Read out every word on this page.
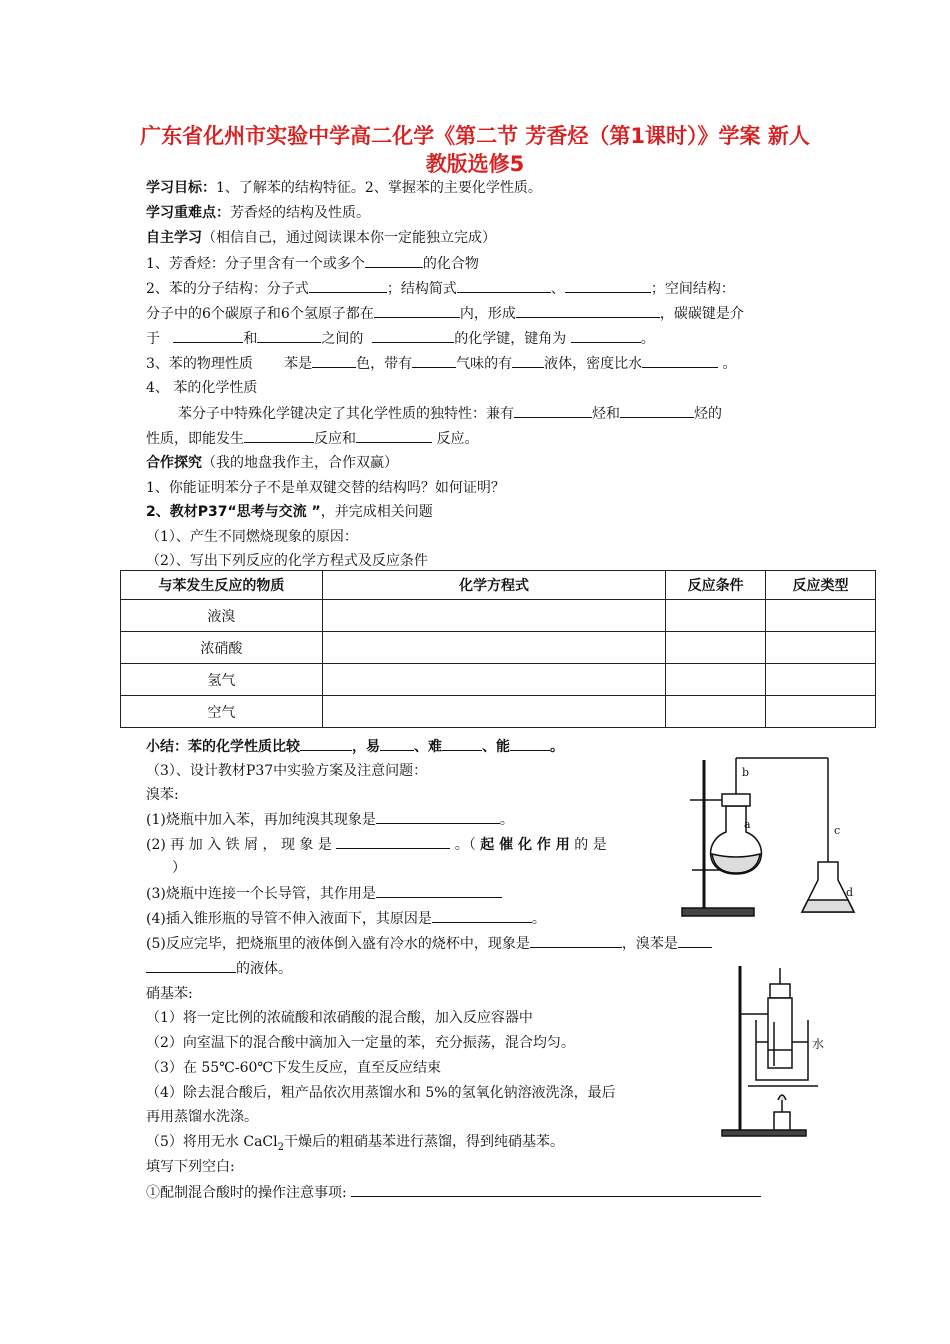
广东省化州市实验中学高二化学《第二节 芳香烃（第1课时）》学案 新人教版选修5
学习目标：1、了解苯的结构特征。2、掌握苯的主要化学性质。
学习重难点：芳香烃的结构及性质。
自主学习（相信自己，通过阅读课本你一定能独立完成）
1、芳香烃：分子里含有一个或多个	的化合物
2、苯的分子结构：分子式	；结构简式	、	；空间结构：
分子中的6个碳原子和6个氢原子都在	内，形成	，碳碳键是介
于	和	之间的	的化学键，键角为	。
3、苯的物理性质 苯是	色，带有	气味的有 液体，密度比水	。
4、 苯的化学性质
苯分子中特殊化学键决定了其化学性质的独特性：兼有	烃和	烃的
性质，即能发生	反应和	反应。
合作探究（我的地盘我作主，合作双赢）
1、你能证明苯分子不是单双键交替的结构吗？如何证明？
2、教材P37“思考与交流 ”，并完成相关问题
（1）、产生不同燃烧现象的原因：
（2）、写出下列反应的化学方程式及反应条件
与苯发生反应的物质	化学方程式	反应条件	反应类型
液溴			
浓硝酸			
氢气			
空气			
小结：苯的化学性质比较	，易 、难	、能	。
（3）、设计教材P37中实验方案及注意问题：
溴苯:
(1)烧瓶中加入苯，再加纯溴其现象是	。
(2) 再 加 入 铁 屑 ， 现 象 是	。（ 起 催 化 作 用 的 是
）
(3)烧瓶中连接一个长导管，其作用是
(4)插入锥形瓶的导管不伸入液面下，其原因是	。
(5)反应完毕，把烧瓶里的液体倒入盛有冷水的烧杯中，现象是	，溴苯是
的液体。
硝基苯:
（1）将一定比例的浓硫酸和浓硝酸的混合酸，加入反应容器中
（2）向室温下的混合酸中滴加入一定量的苯，充分振荡，混合均匀。
（3）在 55℃-60℃下发生反应，直至反应结束
（4）除去混合酸后，粗产品依次用蒸馏水和 5%的氢氧化钠溶液洗涤，最后
再用蒸馏水洗涤。
（5）将用无水 CaCl$_2$干燥后的粗硝基苯进行蒸馏，得到纯硝基苯。
填写下列空白:
①配制混合酸时的操作注意事项:
b
a	c
d
水
